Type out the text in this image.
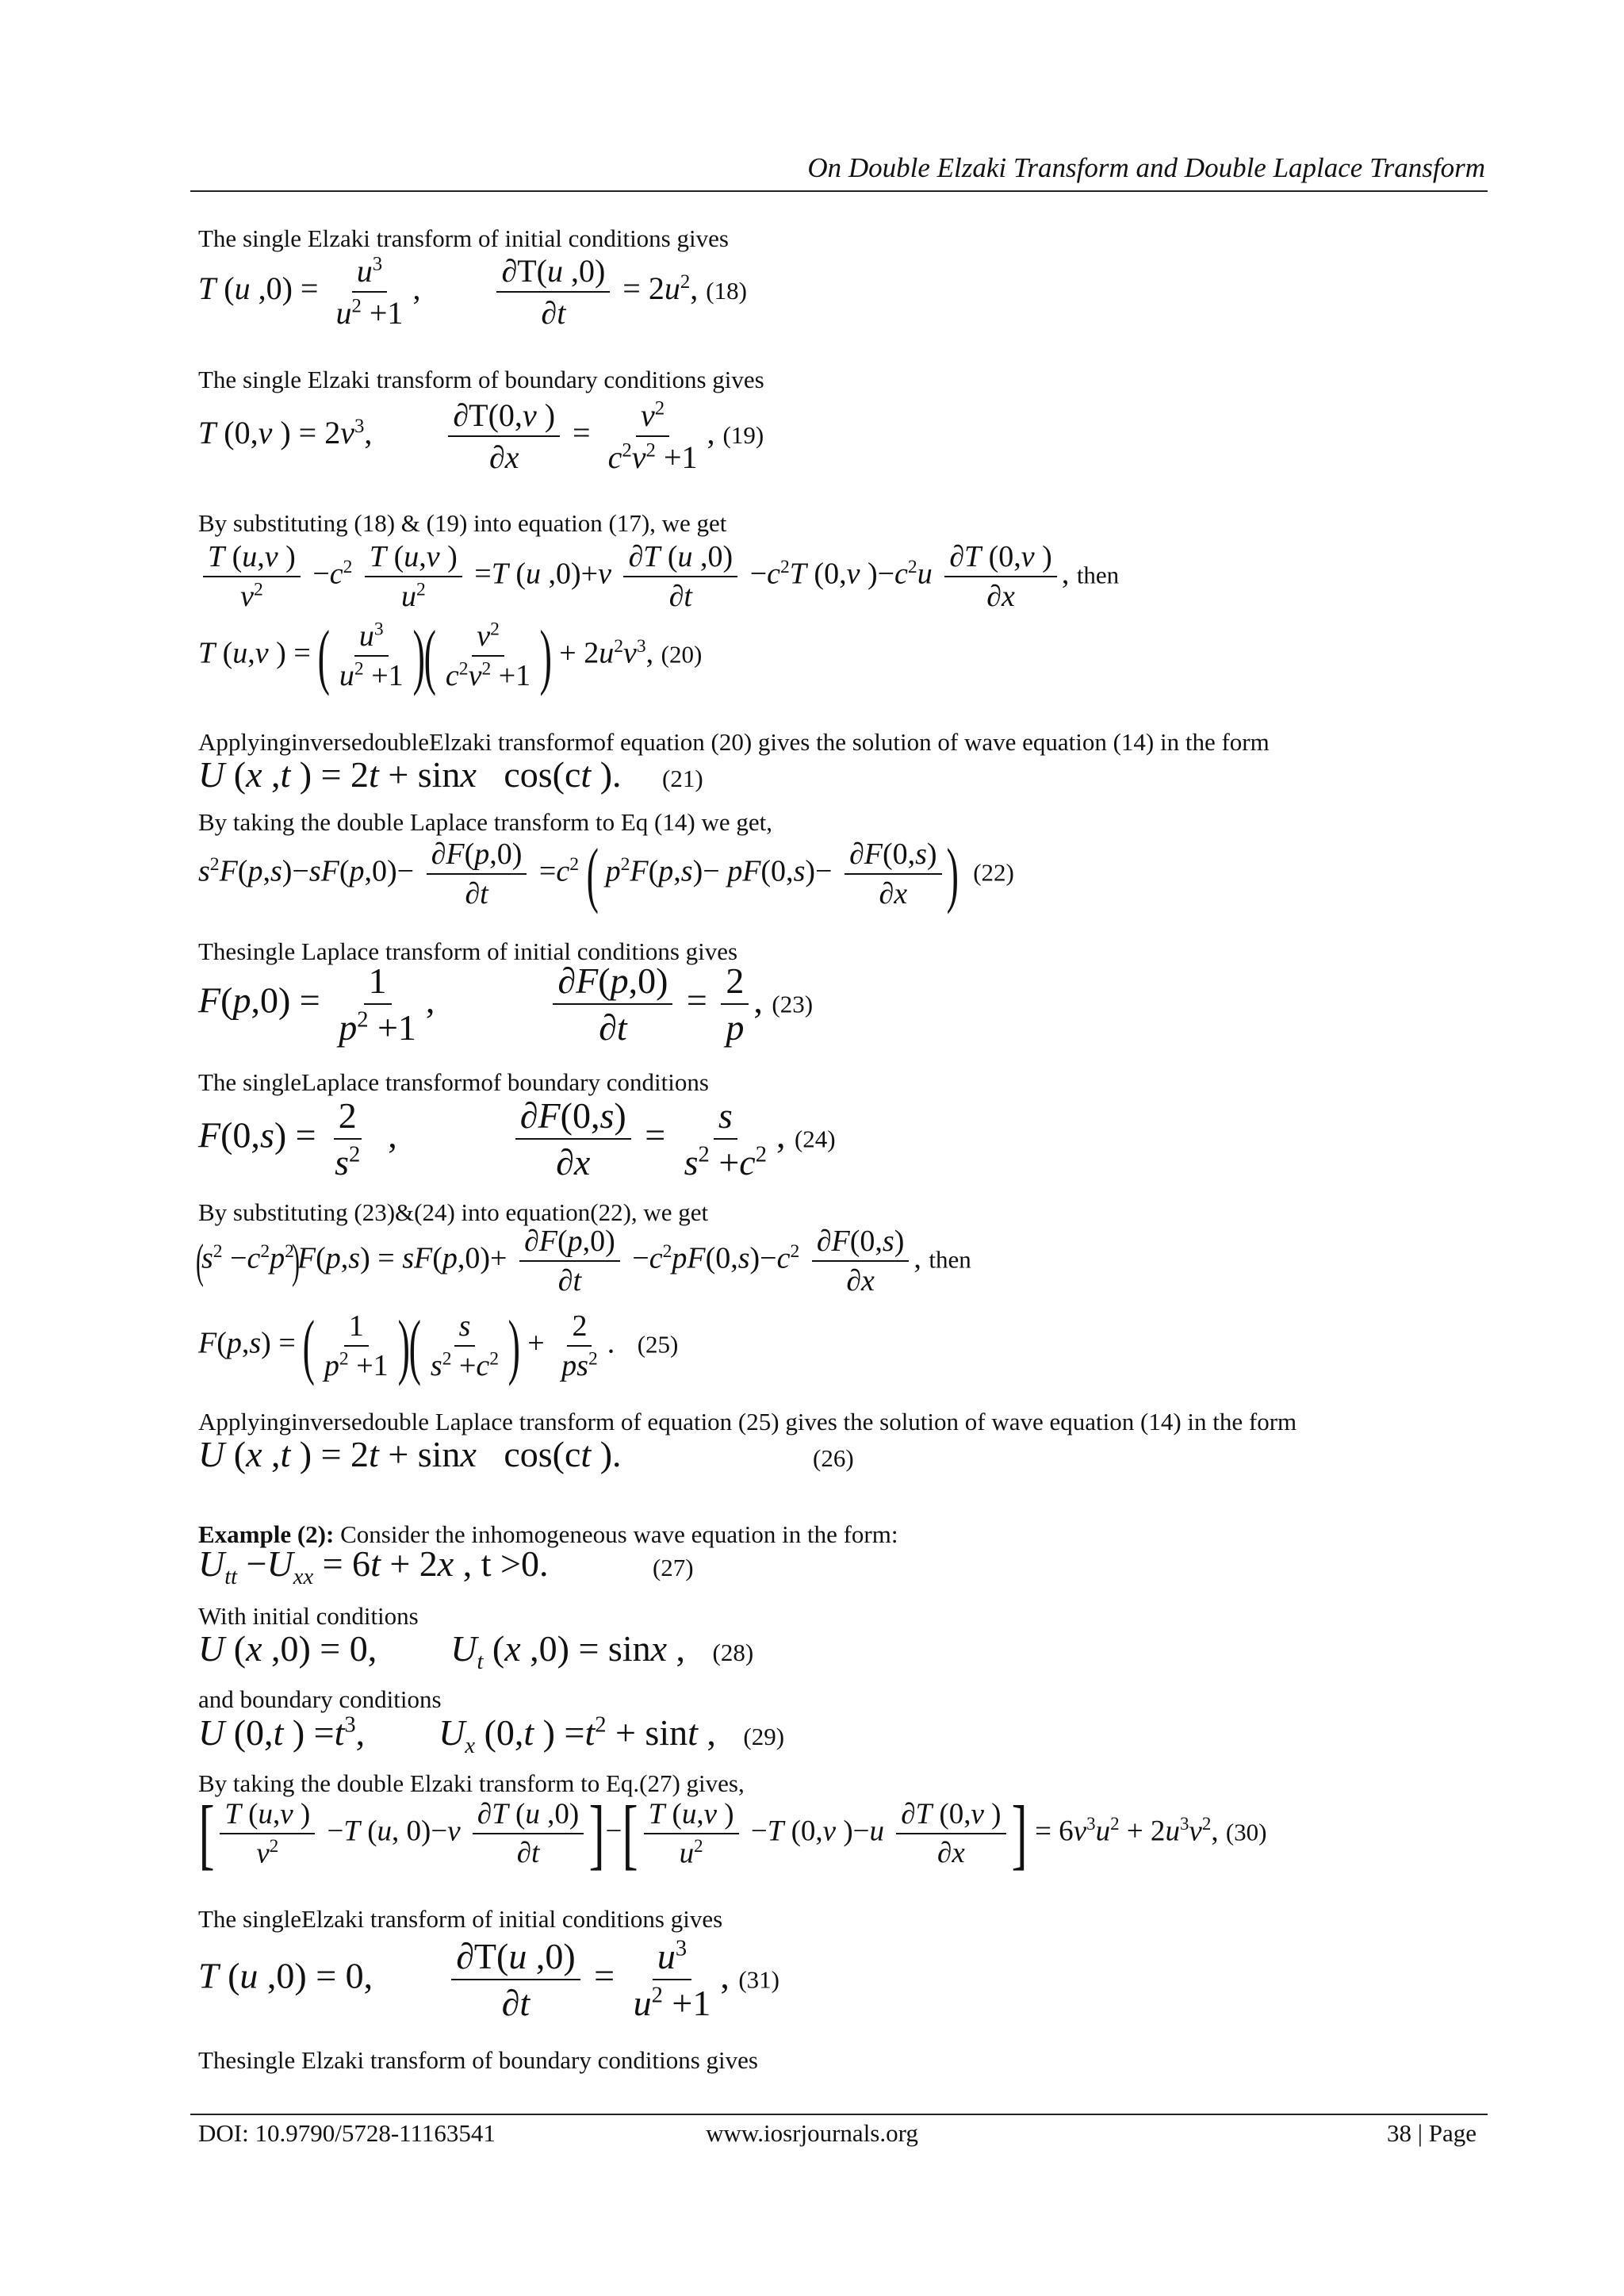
On Double Elzaki Transform and Double Laplace Transform
The single Elzaki transform of initial conditions gives
T (u $,0) = \frac{u^3}{u^2 +1}$ , $\frac{\partial T(u ,0)}{\partial t} = 2u^2$, (18)
The single Elzaki transform of boundary conditions gives
T (0,v ) = $2v^3$, $\frac{\partial T(0,v )}{\partial x} = \frac{v^2}{c^2v^2 +1}$ , (19)
By substituting (18) & (19) into equation (17), we get
$\frac{T (u,v )}{v^2} -c^2 \frac{T (u,v )}{u^2} =T$ (u $,0)+v \frac{\partial T (u ,0)}{\partial t} -c^2T$ (0,v )$-c^2u \frac{\partial T (0,v )}{\partial x}$ , then
T (u,v ) = ( $\frac{u^3}{u^2 +1}$ )( $\frac{v^2}{c^2v^2 +1}$ ) + $2u^2v^3$, (20)
ApplyinginversedoubleElzaki transformof equation (20) gives the solution of wave equation (14) in the form
U (x ,t ) = 2t + sinx   cos(ct ). (21)
By taking the double Laplace transform to Eq (14) we get,
$s^2F(p,s)-sF(p,0)- \frac{\partial F(p,0)}{\partial t} =c^2$ ( $p^2F(p,s)- pF(0,s)- \frac{\partial F(0,s)}{\partial x}$ ) (22)
Thesingle Laplace transform of initial conditions gives
$F(p,0) = \frac{1}{p^2 +1}$ ,	$\frac{\partial F(p,0)}{\partial t} = \frac{2}{p}$ , (23)
The singleLaplace transformof boundary conditions
$F(0,s) = \frac{2}{s^2}$ ,	$\frac{\partial F(0,s)}{\partial x} = \frac{s}{s^2 +c^2}$ , (24)
By substituting (23)&(24) into equation(22), we get
$(s^2 -c^2p^2)F(p,s) = sF(p,0)+ \frac{\partial F(p,0)}{\partial t} -c^2pF(0,s)-c^2 \frac{\partial F(0,s)}{\partial x}$ , then
F(p,s) = ( $\frac{1}{p^2 +1}$ )( $\frac{s}{s^2 +c^2}$ ) + $\frac{2}{ps^2}$ .   (25)
Applyinginversedouble Laplace transform of equation (25) gives the solution of wave equation (14) in the form
U (x ,t ) = 2t + sinx   cos(ct ).	(26)
Example (2): Consider the inhomogeneous wave equation in the form:
$U_{tt} -U_{xx} = 6t + 2x$ , t >0.	(27)
With initial conditions
U (x ,0) = 0,  $U_t$ (x ,0) = sinx ,   (28)
and boundary conditions
U (0,t ) $=t^3$,  $U_x$ (0,t ) $=t^2 + \sin t$ ,   (29)
By taking the double Elzaki transform to Eq.(27) gives,
[ $\frac{T (u,v )}{v^2} -T$ (u, $0)-v \frac{\partial T (u ,0)}{\partial t}$ ]−[ $\frac{T (u,v )}{u^2} -T$ (0,v )$-u \frac{\partial T (0,v )}{\partial x}$ ] = $6v^3u^2 + 2u^3v^2$, (30)
The singleElzaki transform of initial conditions gives
T (u ,0) = 0, $\frac{\partial T(u ,0)}{\partial t} = \frac{u^3}{u^2 +1}$ , (31)
Thesingle Elzaki transform of boundary conditions gives
DOI: 10.9790/5728-11163541	www.iosrjournals.org	38 | Page
